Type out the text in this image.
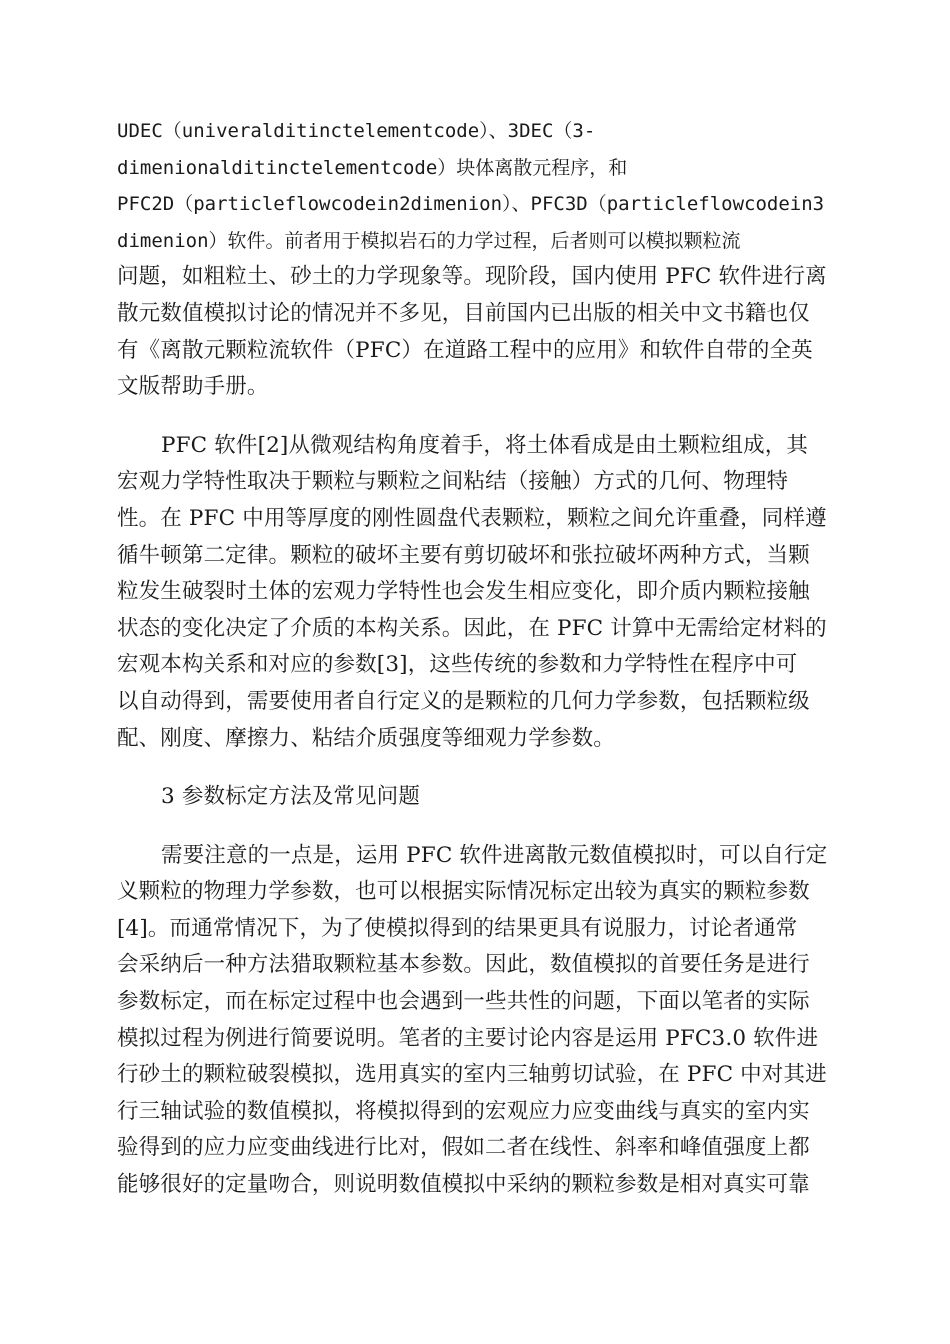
UDEC（univeralditinctelementcode）、3DEC（3-
dimenionalditinctelementcode）块体离散元程序，和
PFC2D（particleflowcodein2dimenion）、PFC3D（particleflowcodein3
dimenion）软件。前者用于模拟岩石的力学过程，后者则可以模拟颗粒流
问题，如粗粒土、砂土的力学现象等。现阶段，国内使用 PFC 软件进行离
散元数值模拟讨论的情况并不多见，目前国内已出版的相关中文书籍也仅
有《离散元颗粒流软件（PFC）在道路工程中的应用》和软件自带的全英
文版帮助手册。
PFC 软件[2]从微观结构角度着手，将土体看成是由土颗粒组成，其
宏观力学特性取决于颗粒与颗粒之间粘结（接触）方式的几何、物理特
性。在 PFC 中用等厚度的刚性圆盘代表颗粒，颗粒之间允许重叠，同样遵
循牛顿第二定律。颗粒的破坏主要有剪切破坏和张拉破坏两种方式，当颗
粒发生破裂时土体的宏观力学特性也会发生相应变化，即介质内颗粒接触
状态的变化决定了介质的本构关系。因此，在 PFC 计算中无需给定材料的
宏观本构关系和对应的参数[3]，这些传统的参数和力学特性在程序中可
以自动得到，需要使用者自行定义的是颗粒的几何力学参数，包括颗粒级
配、刚度、摩擦力、粘结介质强度等细观力学参数。
3 参数标定方法及常见问题
需要注意的一点是，运用 PFC 软件进离散元数值模拟时，可以自行定
义颗粒的物理力学参数，也可以根据实际情况标定出较为真实的颗粒参数
[4]。而通常情况下，为了使模拟得到的结果更具有说服力，讨论者通常
会采纳后一种方法猎取颗粒基本参数。因此，数值模拟的首要任务是进行
参数标定，而在标定过程中也会遇到一些共性的问题，下面以笔者的实际
模拟过程为例进行简要说明。笔者的主要讨论内容是运用 PFC3.0 软件进
行砂土的颗粒破裂模拟，选用真实的室内三轴剪切试验，在 PFC 中对其进
行三轴试验的数值模拟，将模拟得到的宏观应力应变曲线与真实的室内实
验得到的应力应变曲线进行比对，假如二者在线性、斜率和峰值强度上都
能够很好的定量吻合，则说明数值模拟中采纳的颗粒参数是相对真实可靠
